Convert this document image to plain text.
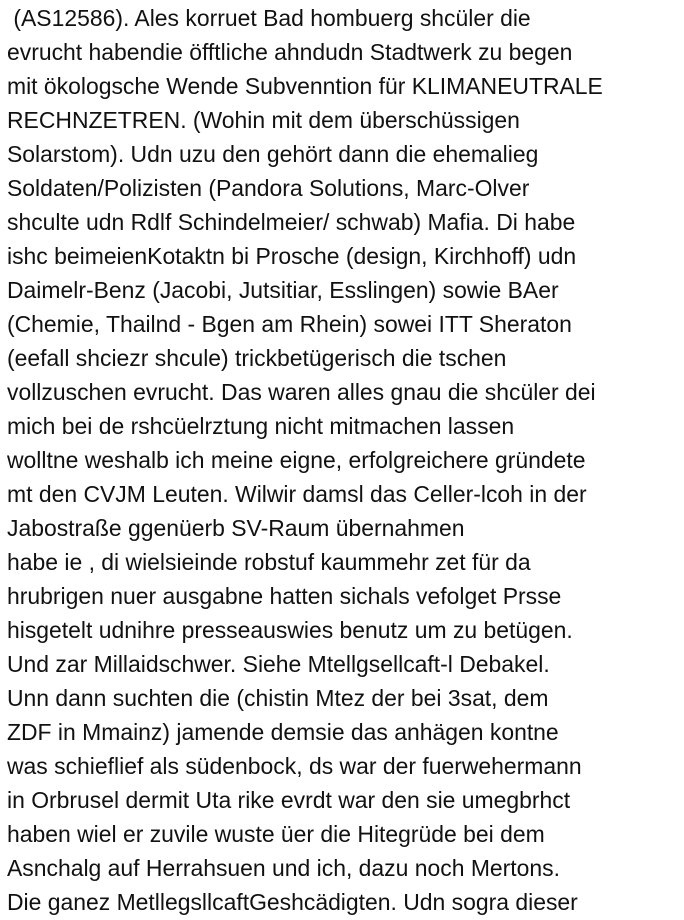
(AS12586). Ales korruet Bad hombuerg shcüler die
evrucht habendie öfftliche ahndudn Stadtwerk zu begen
mit ökologsche Wende Subvenntion für KLIMANEUTRALE
RECHNZETREN. (Wohin mit dem überschüssigen
Solarstom). Udn uzu den gehört dann die ehemalieg
Soldaten/Polizisten (Pandora Solutions, Marc-Olver
shculte udn Rdlf Schindelmeier/ schwab) Mafia. Di habe
ishc beimeienKotaktn bi Prosche (design, Kirchhoff) udn
Daimelr-Benz (Jacobi, Jutsitiar, Esslingen) sowie BAer
(Chemie, Thailnd - Bgen am Rhein) sowei ITT Sheraton
(eefall shciezr shcule) trickbetügerisch die tschen
vollzuschen evrucht. Das waren alles gnau die shcüler dei
mich bei de rshcüelrztung nicht mitmachen lassen
wolltne weshalb ich meine eigne, erfolgreichere gründete
mt den CVJM Leuten. Wilwir damsl das Celler-lcoh in der
Jabostraße ggenüerb SV-Raum übernahmen
habe ie , di wielsieinde robstuf kaummehr zet für da
hrubrigen nuer ausgabne hatten sichals vefolget Prsse
hisgetelt udnihre presseauswies benutz um zu betügen.
Und zar Millaidschwer. Siehe Mtellgsellcaft-l Debakel.
Unn dann suchten die (chistin Mtez der bei 3sat, dem
ZDF in Mmainz) jamende demsie das anhägen kontne
was schieflief als südenbock, ds war der fuerwehermann
in Orbrusel dermit Uta rike evrdt war den sie umegbrhct
haben wiel er zuvile wuste üer die Hitegrüde bei dem
Asnchalg auf Herrahsuen und ich, dazu noch Mertons.
Die ganez MetllegsllcaftGeshcädigten. Udn sogra dieser
